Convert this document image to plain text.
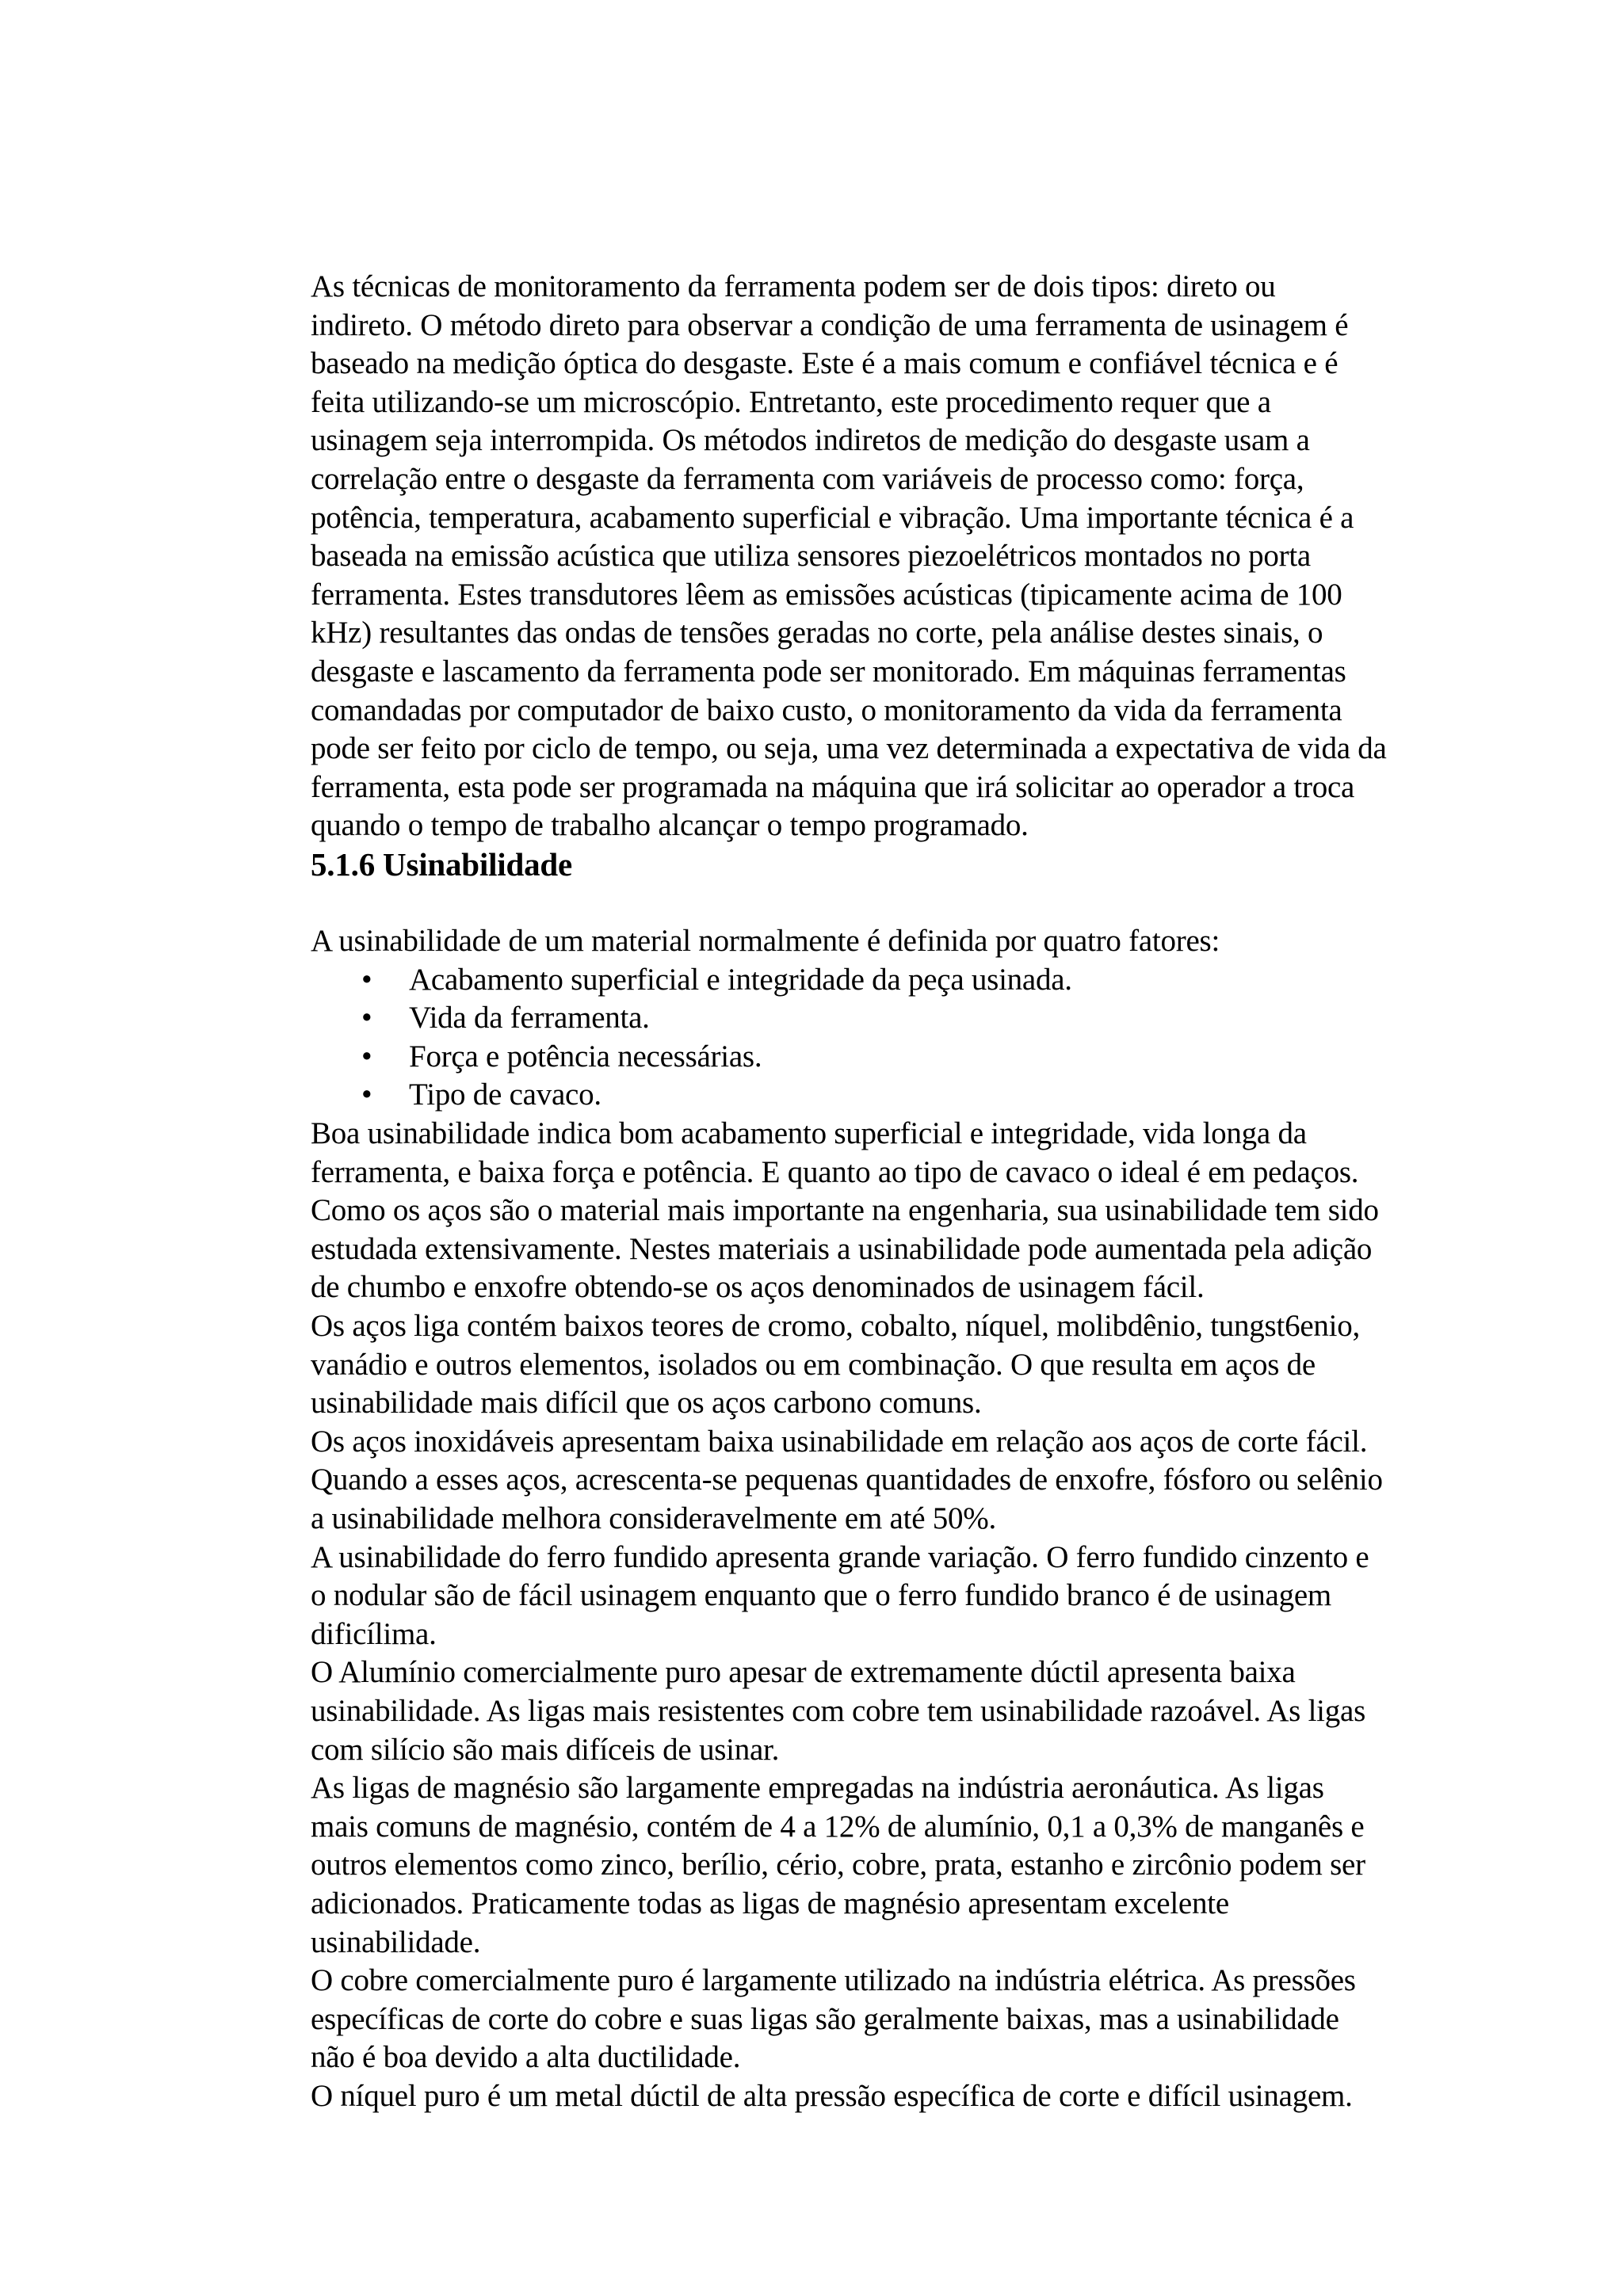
As técnicas de monitoramento da ferramenta podem ser de dois tipos: direto ou
indireto. O método direto para observar a condição de uma ferramenta de usinagem é
baseado na medição óptica do desgaste. Este é a mais comum e confiável técnica e é
feita utilizando-se um microscópio. Entretanto, este procedimento requer que a
usinagem seja interrompida. Os métodos indiretos de medição do desgaste usam a
correlação entre o desgaste da ferramenta com variáveis de processo como: força,
potência, temperatura, acabamento superficial e vibração. Uma importante técnica é a
baseada na emissão acústica que utiliza sensores piezoelétricos montados no porta
ferramenta. Estes transdutores lêem as emissões acústicas (tipicamente acima de 100
kHz) resultantes das ondas de tensões geradas no corte, pela análise destes sinais, o
desgaste e lascamento da ferramenta pode ser monitorado. Em máquinas ferramentas
comandadas por computador de baixo custo, o monitoramento da vida da ferramenta
pode ser feito por ciclo de tempo, ou seja, uma vez determinada a expectativa de vida da
ferramenta, esta pode ser programada na máquina que irá solicitar ao operador a troca
quando o tempo de trabalho alcançar o tempo programado.

5.1.6 Usinabilidade

A usinabilidade de um material normalmente é definida por quatro fatores:

• Acabamento superficial e integridade da peça usinada.
• Vida da ferramenta.
• Força e potência necessárias.
• Tipo de cavaco.

Boa usinabilidade indica bom acabamento superficial e integridade, vida longa da
ferramenta, e baixa força e potência. E quanto ao tipo de cavaco o ideal é em pedaços.
Como os aços são o material mais importante na engenharia, sua usinabilidade tem sido
estudada extensivamente. Nestes materiais a usinabilidade pode aumentada pela adição
de chumbo e enxofre obtendo-se os aços denominados de usinagem fácil.
Os aços liga contém baixos teores de cromo, cobalto, níquel, molibdênio, tungst6enio,
vanádio e outros elementos, isolados ou em combinação. O que resulta em aços de
usinabilidade mais difícil que os aços carbono comuns.
Os aços inoxidáveis apresentam baixa usinabilidade em relação aos aços de corte fácil.
Quando a esses aços, acrescenta-se pequenas quantidades de enxofre, fósforo ou selênio
a usinabilidade melhora consideravelmente em até 50%.
A usinabilidade do ferro fundido apresenta grande variação. O ferro fundido cinzento e
o nodular são de fácil usinagem enquanto que o ferro fundido branco é de usinagem
dificílima.
O Alumínio comercialmente puro apesar de extremamente dúctil apresenta baixa
usinabilidade. As ligas mais resistentes com cobre tem usinabilidade razoável. As ligas
com silício são mais difíceis de usinar.
As ligas de magnésio são largamente empregadas na indústria aeronáutica. As ligas
mais comuns de magnésio, contém de 4 a 12% de alumínio, 0,1 a 0,3% de manganês e
outros elementos como zinco, berílio, cério, cobre, prata, estanho e zircônio podem ser
adicionados. Praticamente todas as ligas de magnésio apresentam excelente
usinabilidade.
O cobre comercialmente puro é largamente utilizado na indústria elétrica. As pressões
específicas de corte do cobre e suas ligas são geralmente baixas, mas a usinabilidade
não é boa devido a alta ductilidade.
O níquel puro é um metal dúctil de alta pressão específica de corte e difícil usinagem.
